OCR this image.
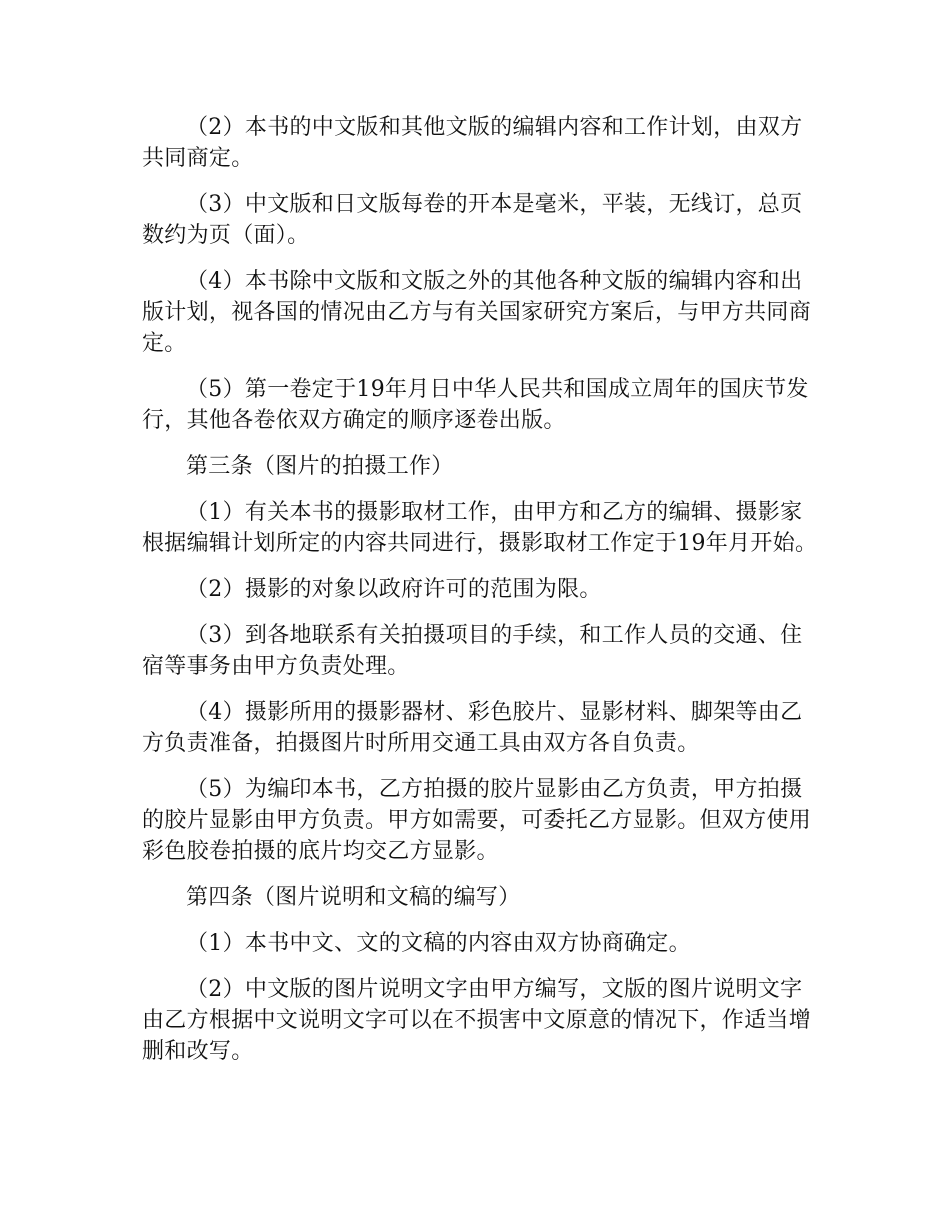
（2）本书的中文版和其他文版的编辑内容和工作计划，由双方共同商定。

（3）中文版和日文版每卷的开本是毫米，平装，无线订，总页数约为页（面）。

（4）本书除中文版和文版之外的其他各种文版的编辑内容和出版计划，视各国的情况由乙方与有关国家研究方案后，与甲方共同商定。

（5）第一卷定于19年月日中华人民共和国成立周年的国庆节发行，其他各卷依双方确定的顺序逐卷出版。

第三条（图片的拍摄工作）

（1）有关本书的摄影取材工作，由甲方和乙方的编辑、摄影家根据编辑计划所定的内容共同进行，摄影取材工作定于19年月开始。

（2）摄影的对象以政府许可的范围为限。

（3）到各地联系有关拍摄项目的手续，和工作人员的交通、住宿等事务由甲方负责处理。

（4）摄影所用的摄影器材、彩色胶片、显影材料、脚架等由乙方负责准备，拍摄图片时所用交通工具由双方各自负责。

（5）为编印本书，乙方拍摄的胶片显影由乙方负责，甲方拍摄的胶片显影由甲方负责。甲方如需要，可委托乙方显影。但双方使用彩色胶卷拍摄的底片均交乙方显影。

第四条（图片说明和文稿的编写）

（1）本书中文、文的文稿的内容由双方协商确定。

（2）中文版的图片说明文字由甲方编写，文版的图片说明文字由乙方根据中文说明文字可以在不损害中文原意的情况下，作适当增删和改写。
